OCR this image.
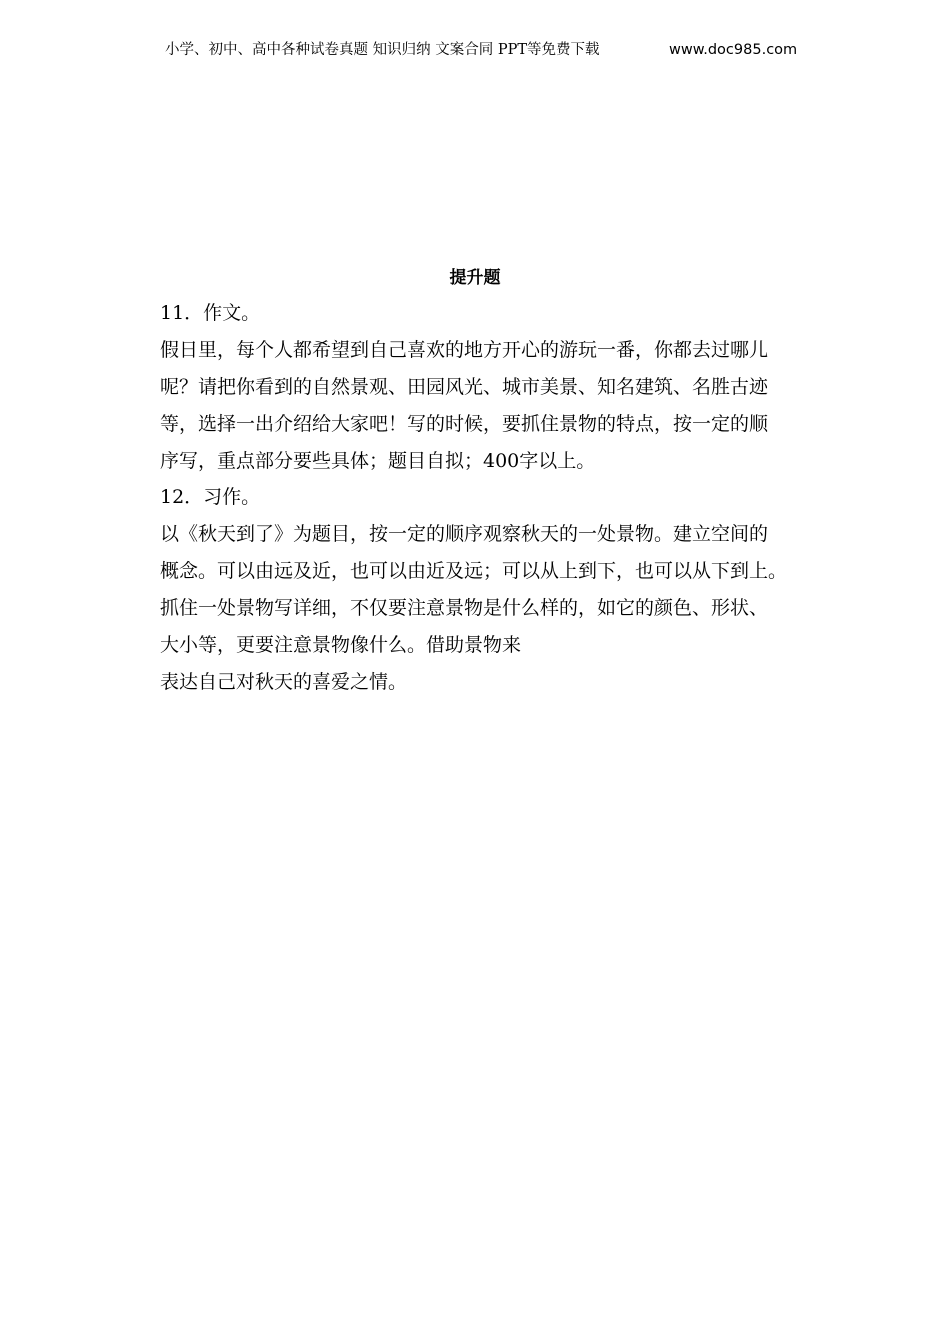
小学、初中、高中各种试卷真题 知识归纳 文案合同 PPT等免费下载	www.doc985.com
提升题
11．作文。
假日里，每个人都希望到自己喜欢的地方开心的游玩一番，你都去过哪儿
呢？请把你看到的自然景观、田园风光、城市美景、知名建筑、名胜古迹
等，选择一出介绍给大家吧！写的时候，要抓住景物的特点，按一定的顺
序写，重点部分要些具体；题目自拟；400字以上。
12．习作。
以《秋天到了》为题目，按一定的顺序观察秋天的一处景物。建立空间的
概念。可以由远及近，也可以由近及远；可以从上到下，也可以从下到上。
抓住一处景物写详细，不仅要注意景物是什么样的，如它的颜色、形状、
大小等，更要注意景物像什么。借助景物来
表达自己对秋天的喜爱之情。
